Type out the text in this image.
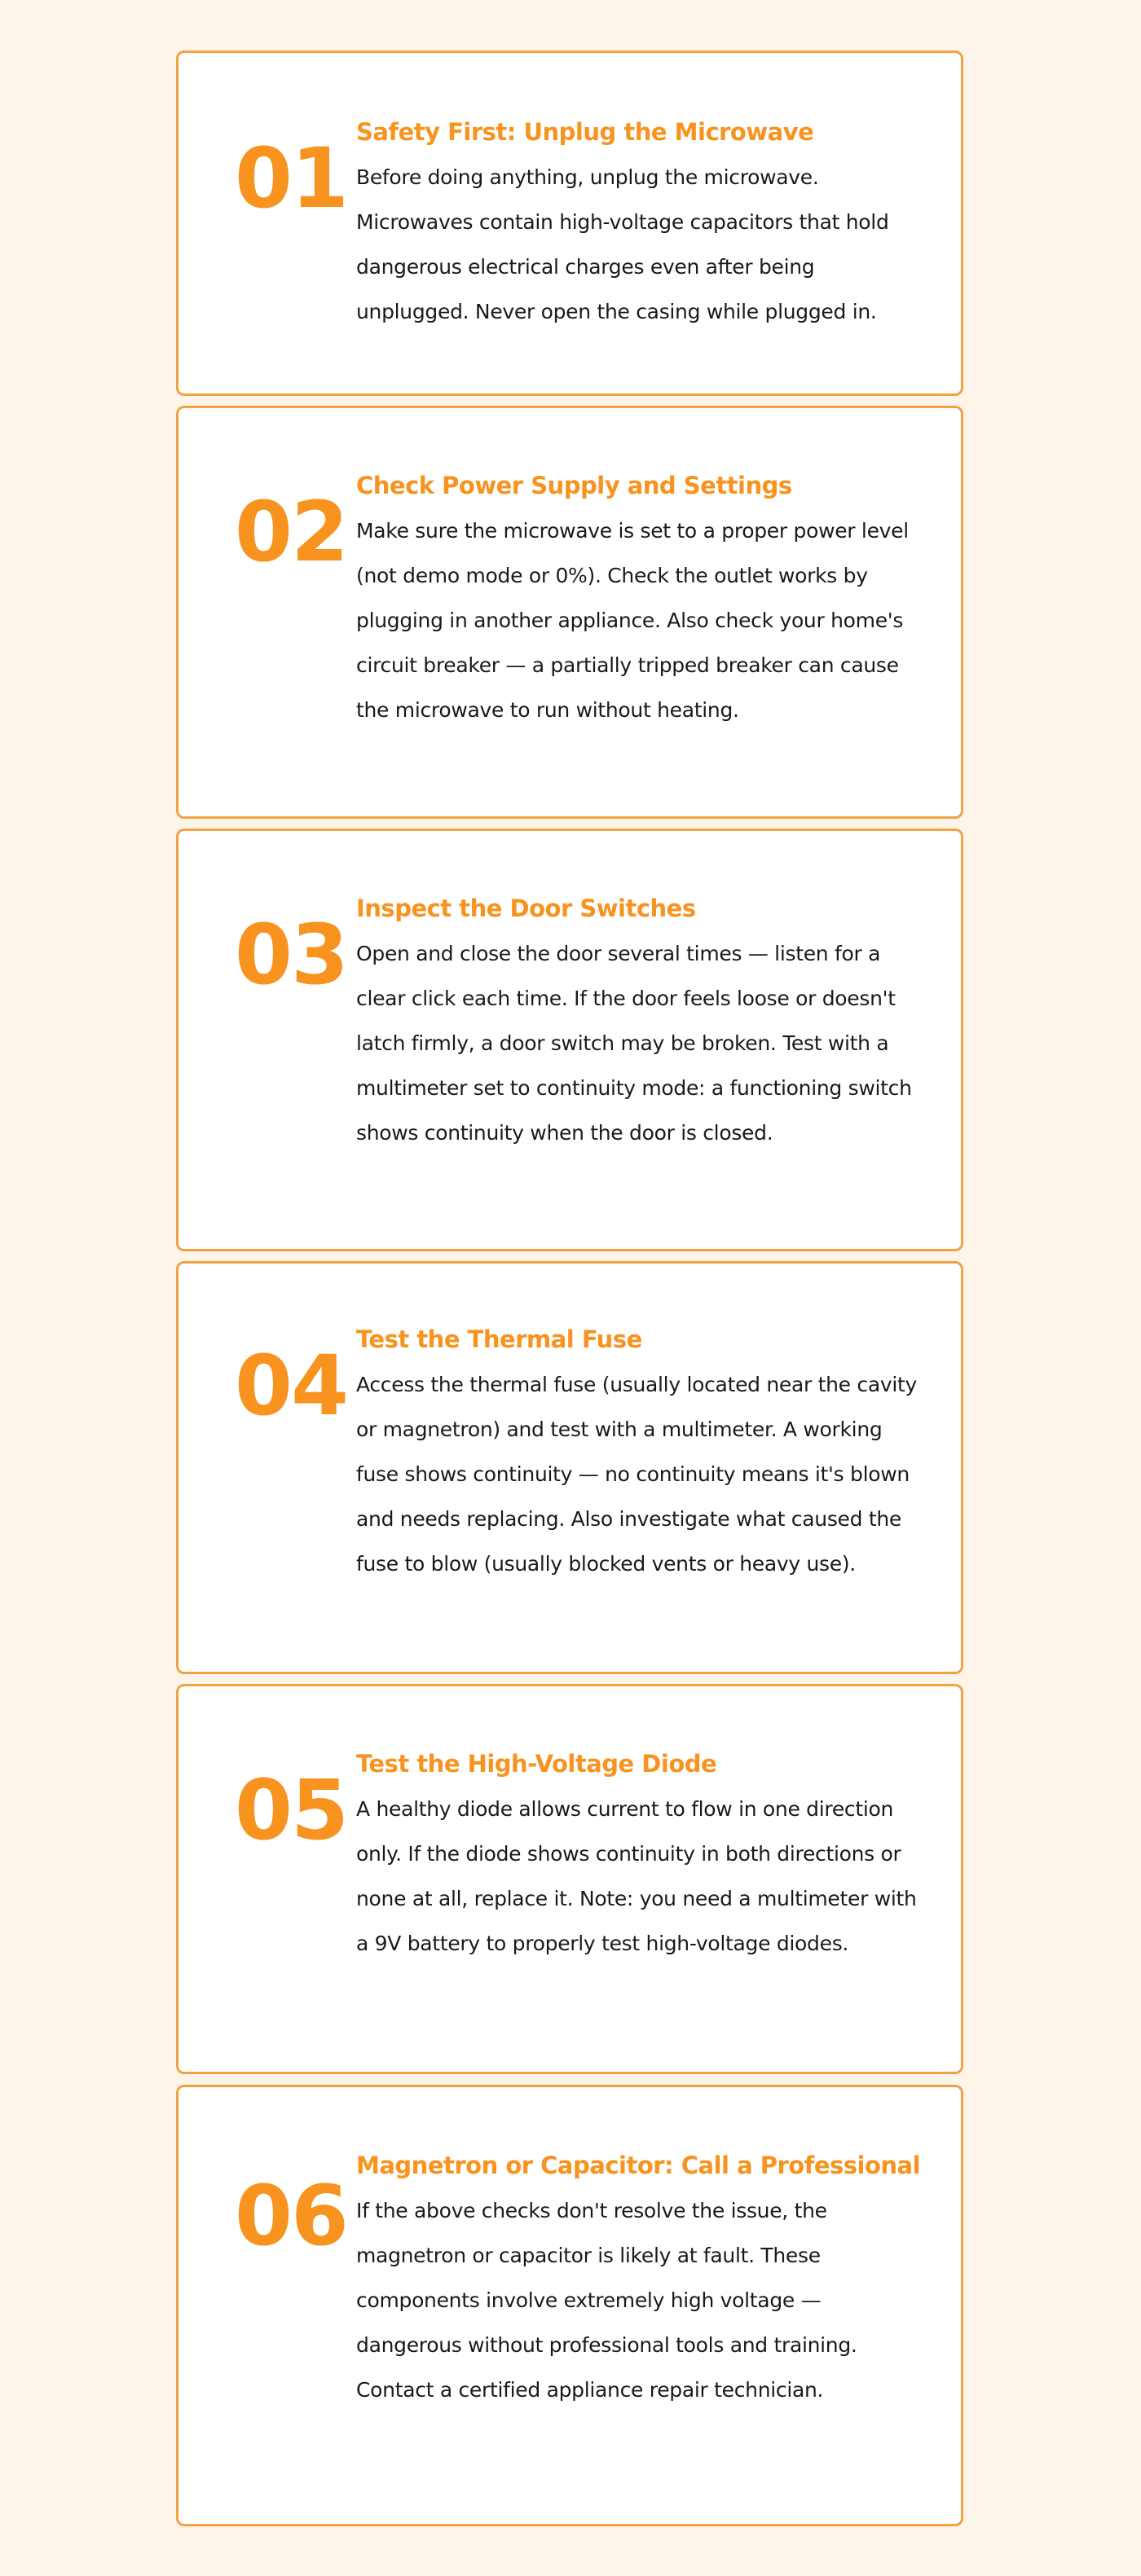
01 Safety First: Unplug the Microwave

Before doing anything, unplug the microwave. Microwaves contain high-voltage capacitors that hold dangerous electrical charges even after being unplugged. Never open the casing while plugged in.

02 Check Power Supply and Settings

Make sure the microwave is set to a proper power level (not demo mode or 0%). Check the outlet works by plugging in another appliance. Also check your home's circuit breaker — a partially tripped breaker can cause the microwave to run without heating.

03 Inspect the Door Switches

Open and close the door several times — listen for a clear click each time. If the door feels loose or doesn't latch firmly, a door switch may be broken. Test with a multimeter set to continuity mode: a functioning switch shows continuity when the door is closed.

04 Test the Thermal Fuse

Access the thermal fuse (usually located near the cavity or magnetron) and test with a multimeter. A working fuse shows continuity — no continuity means it's blown and needs replacing. Also investigate what caused the fuse to blow (usually blocked vents or heavy use).

05 Test the High-Voltage Diode

A healthy diode allows current to flow in one direction only. If the diode shows continuity in both directions or none at all, replace it. Note: you need a multimeter with a 9V battery to properly test high-voltage diodes.

06
Magnetron or Capacitor: Call a Professional

If the above checks don't resolve the issue, the magnetron or capacitor is likely at fault. These components involve extremely high voltage — dangerous without professional tools and training. Contact a certified appliance repair technician.
